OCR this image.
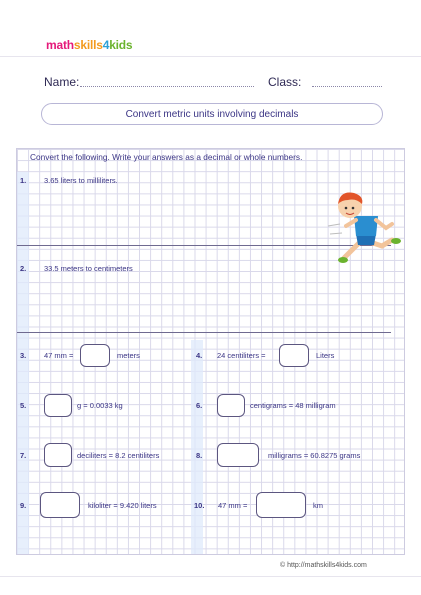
mathskills4kids
Name:	Class:
Convert metric units involving decimals
Convert the following. Write your answers as a decimal or whole numbers.
1. 3.65 liters to milliliters.
2. 33.5 meters to centimeters
3. 47 mm =	meters	4. 24 centiliters =	Liters
5.	g = 0.0033 kg	6.	centigrams = 48 milligram
7.	deciliters = 8.2 centiliters	8.	milligrams = 60.8275 grams
9.	kiloliter = 9.420 liters	10. 47 mm =	km
© http://mathskills4kids.com
